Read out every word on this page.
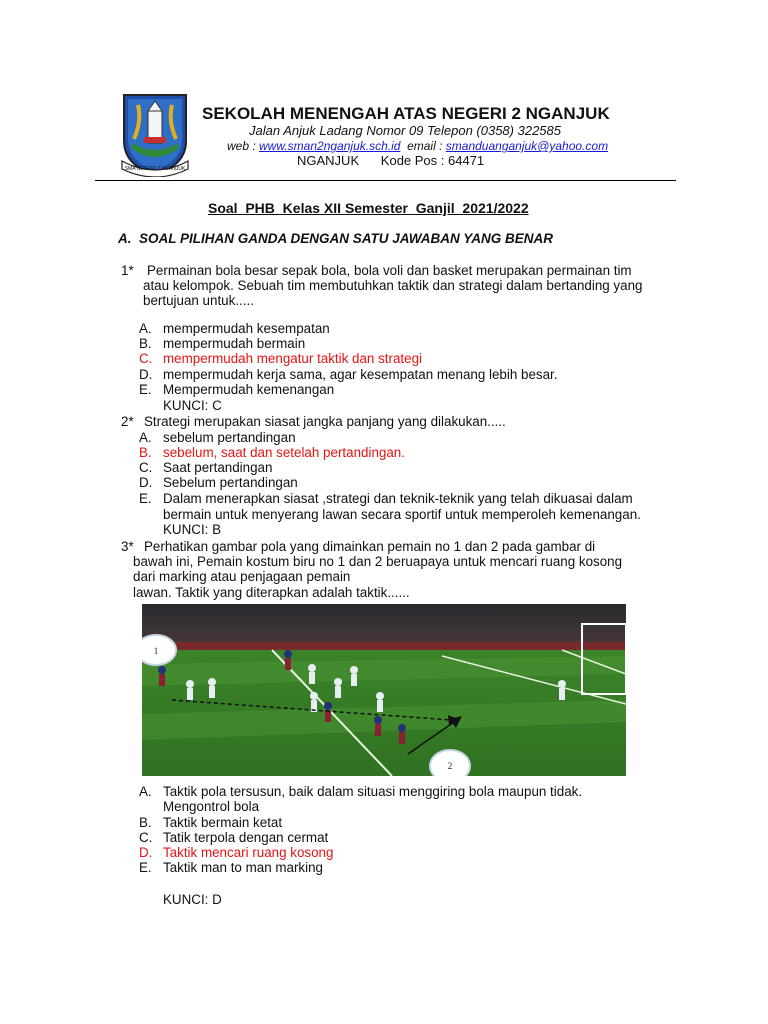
SMA NEGERI 2 NGANJUK
SEKOLAH MENENGAH ATAS NEGERI 2 NGANJUK
Jalan Anjuk Ladang Nomor 09 Telepon (0358) 322585
web : www.sman2nganjuk.sch.id  email : smanduanganjuk@yahoo.com
NGANJUK      Kode Pos : 64471
Soal  PHB  Kelas XII Semester  Ganjil  2021/2022
A.  SOAL PILIHAN GANDA DENGAN SATU JAWABAN YANG BENAR
1* Permainan bola besar sepak bola, bola voli dan basket merupakan permainan tim
atau kelompok. Sebuah tim membutuhkan taktik dan strategi dalam bertanding yang
bertujuan untuk.....
A. mempermudah kesempatan
B. mempermudah bermain
C. mempermudah mengatur taktik dan strategi
D. mempermudah kerja sama, agar kesempatan menang lebih besar.
E. Mempermudah kemenangan
KUNCI: C
2* Strategi merupakan siasat jangka panjang yang dilakukan.....
A. sebelum pertandingan
B. sebelum, saat dan setelah pertandingan.
C. Saat pertandingan
D. Sebelum pertandingan
E. Dalam menerapkan siasat ,strategi dan teknik-teknik yang telah dikuasai dalam
bermain untuk menyerang lawan secara sportif untuk memperoleh kemenangan.
KUNCI: B
3* Perhatikan gambar pola yang dimainkan pemain no 1 dan 2 pada gambar di
bawah ini, Pemain kostum biru no 1 dan 2 beruapaya untuk mencari ruang kosong
dari marking atau penjagaan pemain
lawan. Taktik yang diterapkan adalah taktik......
1
2
A. Taktik pola tersusun, baik dalam situasi menggiring bola maupun tidak.
Mengontrol bola
B. Taktik bermain ketat
C. Tatik terpola dengan cermat
D. Taktik mencari ruang kosong
E. Taktik man to man marking
KUNCI: D
